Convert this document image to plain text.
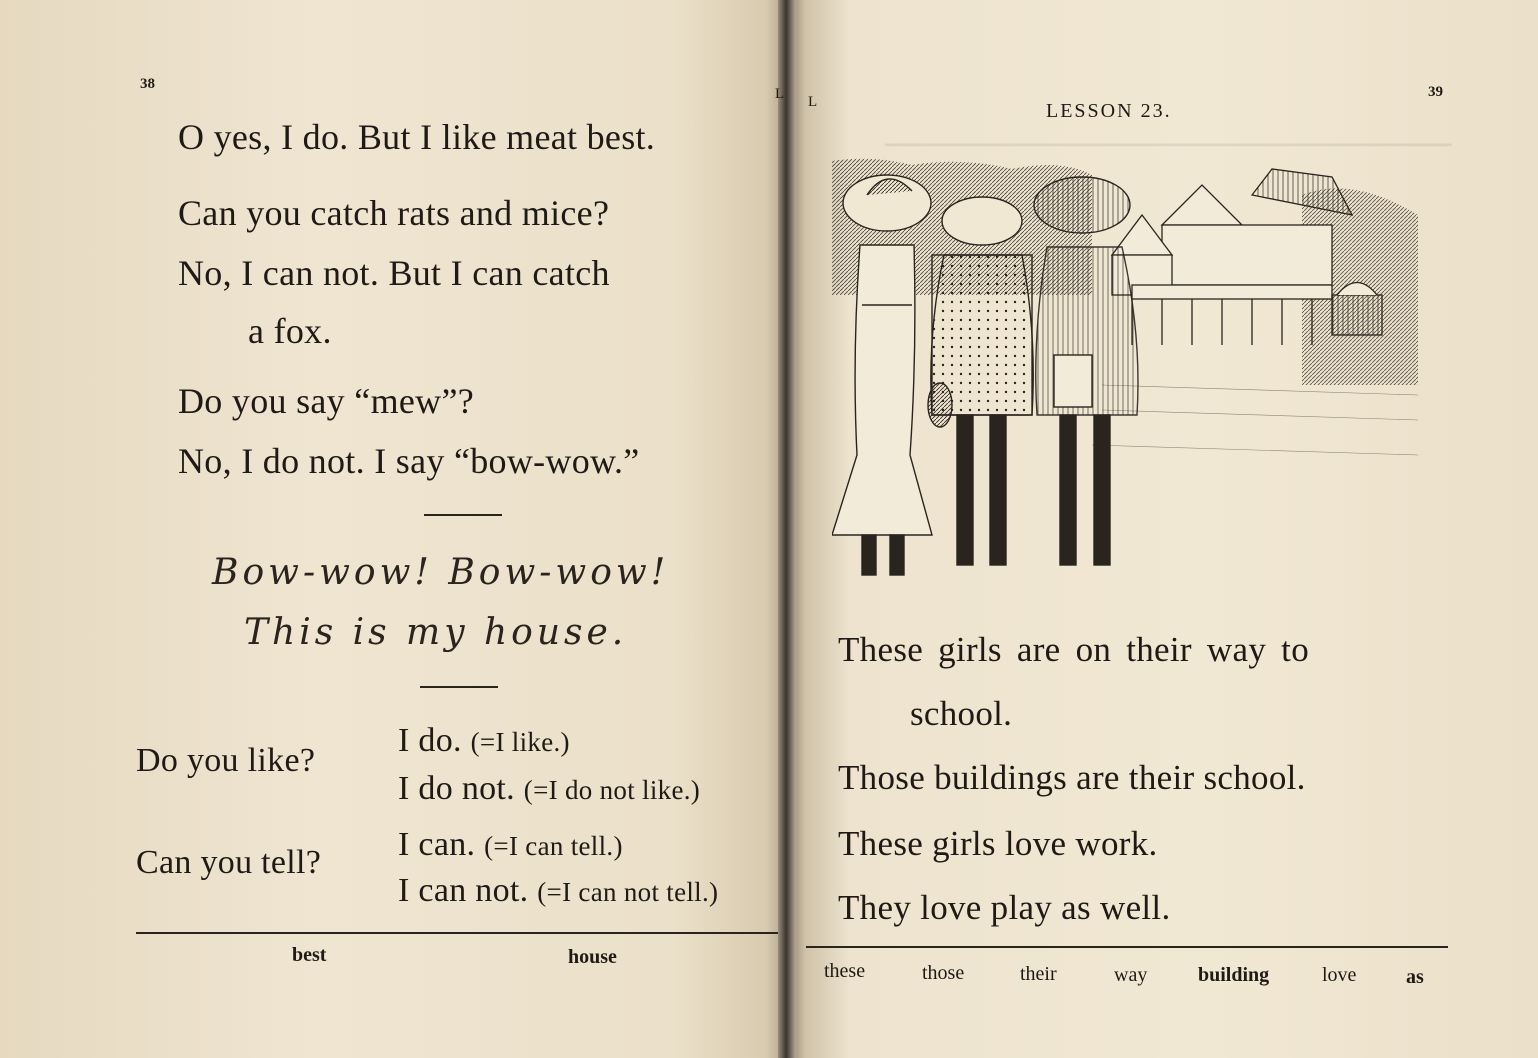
────────────────────
38
L
O yes, I do. But I like meat best.
Can you catch rats and mice?
No, I can not. But I can catch
a fox.
Do you say “mew”?
No, I do not. I say “bow-wow.”
Bow-wow! Bow-wow!
This is my house.
Do you like?
I do. (=I like.)
I do not. (=I do not like.)
Can you tell? I can. (=I can tell.)
I can not. (=I can not tell.)
best	house
39
L	LESSON 23.
These girls are on their way to
school.
Those buildings are their school.
These girls love work.
They love play as well.
these	those	their	way	building	love as
